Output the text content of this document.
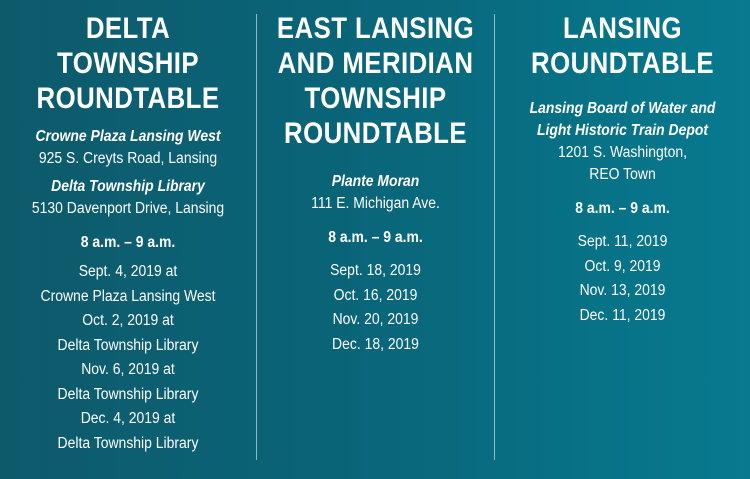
DELTA
TOWNSHIP
ROUNDTABLE
Crowne Plaza Lansing West
925 S. Creyts Road, Lansing
Delta Township Library
5130 Davenport Drive, Lansing
8 a.m. – 9 a.m.
Sept. 4, 2019 at
Crowne Plaza Lansing West
Oct. 2, 2019 at
Delta Township Library
Nov. 6, 2019 at
Delta Township Library
Dec. 4, 2019 at
Delta Township Library
EAST LANSING
AND MERIDIAN
TOWNSHIP
ROUNDTABLE
Plante Moran
111 E. Michigan Ave.
8 a.m. – 9 a.m.
Sept. 18, 2019
Oct. 16, 2019
Nov. 20, 2019
Dec. 18, 2019
LANSING
ROUNDTABLE
Lansing Board of Water and
Light Historic Train Depot
1201 S. Washington,
REO Town
8 a.m. – 9 a.m.
Sept. 11, 2019
Oct. 9, 2019
Nov. 13, 2019
Dec. 11, 2019
